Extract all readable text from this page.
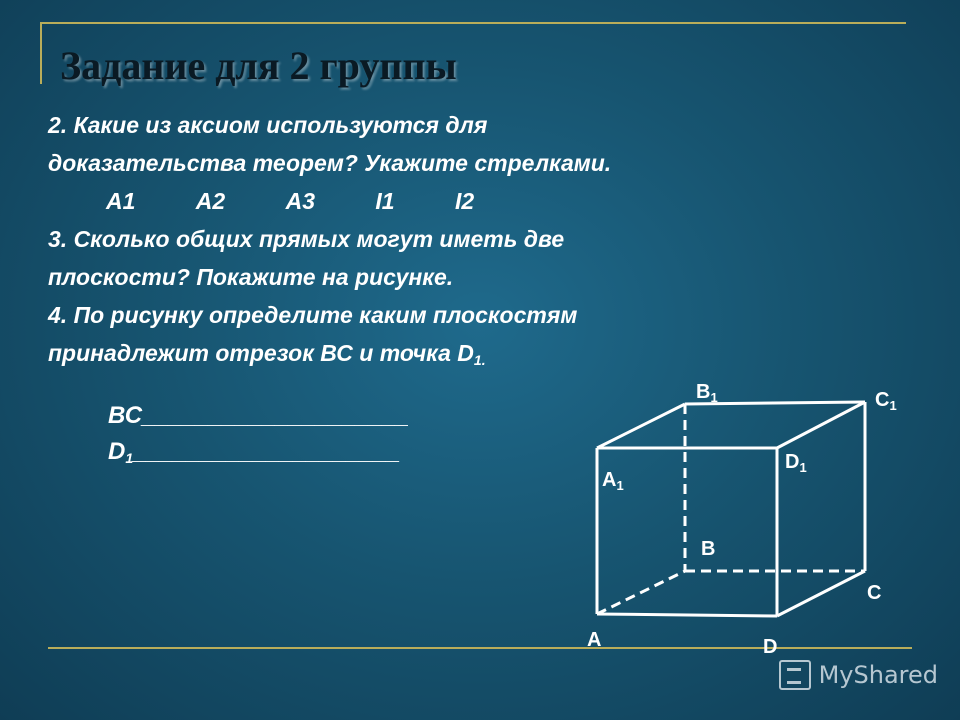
Задание для 2 группы
2. Какие из аксиом используются для
доказательства теорем? Укажите стрелками.
А1	А2	А3	I1	I2
3. Сколько общих прямых могут иметь две
плоскости? Покажите на рисунке.
4. По рисунку определите каким плоскостям
принадлежит отрезок ВС и точка $D_{1.}$
ВС____________________
$D_1\_\_\_\_\_\_\_\_\_\_\_\_\_\_\_\_\_\_\_\_$
$B_1$	$C_1$
$D_1$
$A_1$
B
C
A	D
MyShared
